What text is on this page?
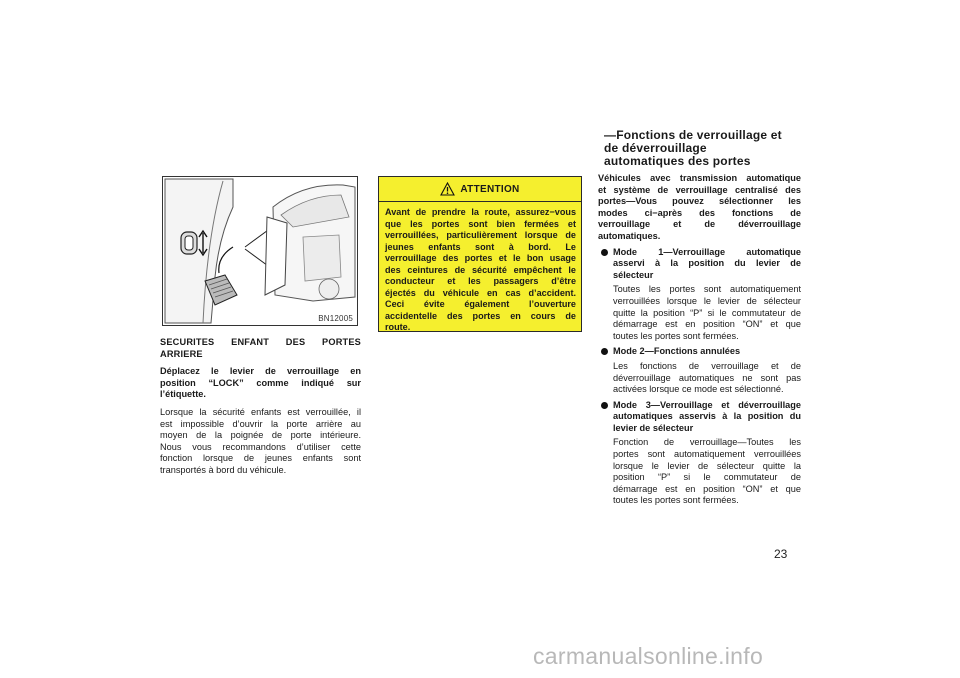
BN12005
SECURITES ENFANT DES PORTES
ARRIERE
Déplacez le levier de verrouillage en
position “LOCK” comme indiqué sur
l’étiquette.
Lorsque la sécurité enfants est verrouillée, il
est impossible d’ouvrir la porte arrière au
moyen de la poignée de porte intérieure.
Nous vous recommandons d’utiliser cette
fonction lorsque de jeunes enfants sont
transportés à bord du véhicule.
ATTENTION
Avant de prendre la route, assurez−vous
que les portes sont bien fermées et
verrouillées, particulièrement lorsque de
jeunes enfants sont à bord. Le
verrouillage des portes et le bon usage
des ceintures de sécurité empêchent le
conducteur et les passagers d’être
éjectés du véhicule en cas d’accident.
Ceci évite également l’ouverture
accidentelle des portes en cours de
route.
—Fonctions de verrouillage et
de déverrouillage
automatiques des portes
Véhicules avec transmission automatique
et système de verrouillage centralisé des
portes—Vous pouvez sélectionner les
modes ci−après des fonctions de
verrouillage et de déverrouillage
automatiques.
Mode 1—Verrouillage automatique
asservi à la position du levier de
sélecteur
Toutes les portes sont automatiquement
verrouillées lorsque le levier de sélecteur
quitte la position “P” si le commutateur de
démarrage est en position “ON” et que
toutes les portes sont fermées.
Mode 2—Fonctions annulées
Les fonctions de verrouillage et de
déverrouillage automatiques ne sont pas
activées lorsque ce mode est sélectionné.
Mode 3—Verrouillage et déverrouillage
automatiques asservis à la position du
levier de sélecteur
Fonction de verrouillage—Toutes les
portes sont automatiquement verrouillées
lorsque le levier de sélecteur quitte la
position “P” si le commutateur de
démarrage est en position “ON” et que
toutes les portes sont fermées.
23
carmanualsonline.info
